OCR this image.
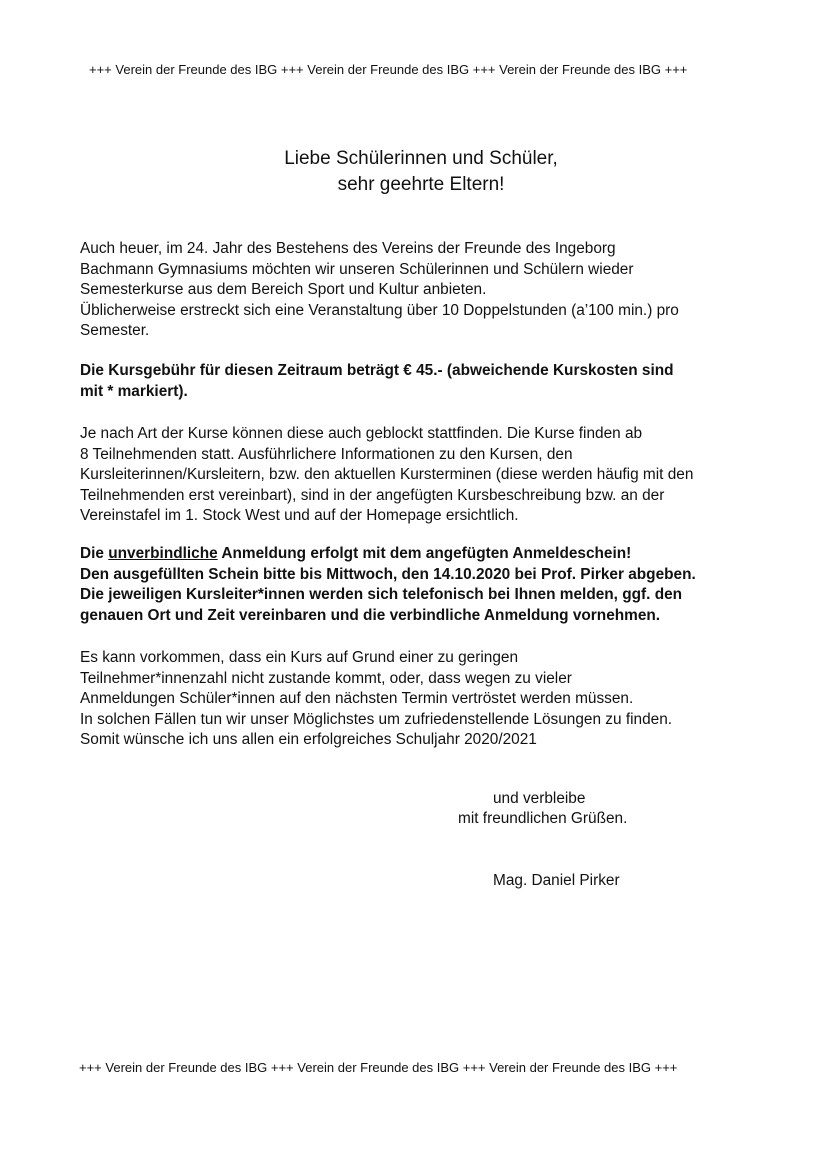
+++ Verein der Freunde des IBG +++ Verein der Freunde des IBG +++ Verein der Freunde des IBG +++
Liebe Schülerinnen und Schüler,
sehr geehrte Eltern!
Auch heuer, im 24. Jahr des Bestehens des Vereins der Freunde des Ingeborg
Bachmann Gymnasiums möchten wir unseren Schülerinnen und Schülern wieder
Semesterkurse aus dem Bereich Sport und Kultur anbieten.
Üblicherweise erstreckt sich eine Veranstaltung über 10 Doppelstunden (a’100 min.) pro
Semester.
Die Kursgebühr für diesen Zeitraum beträgt € 45.- (abweichende Kurskosten sind
mit * markiert).
Je nach Art der Kurse können diese auch geblockt stattfinden. Die Kurse finden ab
8 Teilnehmenden statt. Ausführlichere Informationen zu den Kursen, den
Kursleiterinnen/Kursleitern, bzw. den aktuellen Kursterminen (diese werden häufig mit den
Teilnehmenden erst vereinbart), sind in der angefügten Kursbeschreibung bzw. an der
Vereinstafel im 1. Stock West und auf der Homepage ersichtlich.
Die unverbindliche Anmeldung erfolgt mit dem angefügten Anmeldeschein!
Den ausgefüllten Schein bitte bis Mittwoch, den 14.10.2020 bei Prof. Pirker abgeben.
Die jeweiligen Kursleiter*innen werden sich telefonisch bei Ihnen melden, ggf. den
genauen Ort und Zeit vereinbaren und die verbindliche Anmeldung vornehmen.
Es kann vorkommen, dass ein Kurs auf Grund einer zu geringen
Teilnehmer*innenzahl nicht zustande kommt, oder, dass wegen zu vieler
Anmeldungen Schüler*innen auf den nächsten Termin vertröstet werden müssen.
In solchen Fällen tun wir unser Möglichstes um zufriedenstellende Lösungen zu finden.
Somit wünsche ich uns allen ein erfolgreiches Schuljahr 2020/2021
und verbleibe
mit freundlichen Grüßen.
Mag. Daniel Pirker
+++ Verein der Freunde des IBG +++ Verein der Freunde des IBG +++ Verein der Freunde des IBG +++
